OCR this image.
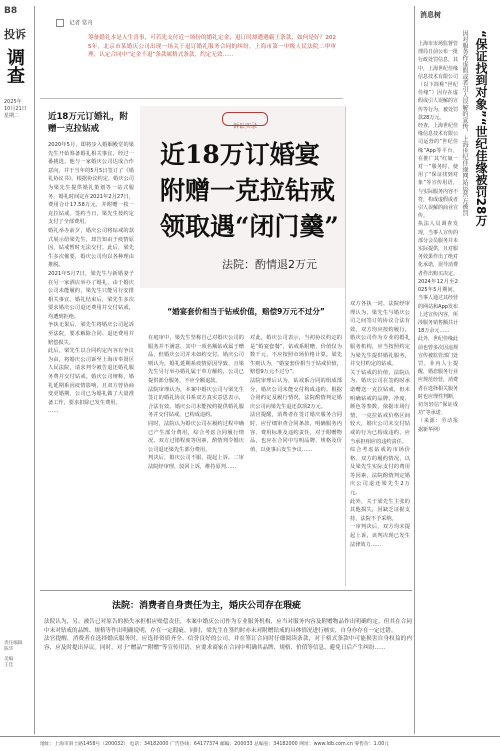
B8
投诉
调查
2025年
10月21日
星期二
记者 常舟
筹备婚礼本是人生喜事，可若先支付近一场份的婚礼定金，退订时却遭遇霸王条款，如何是好？2025年，北京市某婚庆公司出现一场关于退订婚礼服务合同的纠纷，上海市第一中级人民法院二审审理，认定合同中“定金不退”条款属格式条款，约定无效……
近18万元订婚礼，附赠一克拉钻戒
2020年5月，即将步入婚姻殿堂的梁先生开始筹备婚礼相关事宜。经过一番挑选，他与一家婚庆公司达成合作意向，并于当年的5月5日签订了《婚礼协议书》。根据协议约定，婚庆公司为梁先生提供婚礼策划等一站式服务，婚礼时间定在2021年2月27日，费用合计17.58万元，并附赠一枚一克拉钻戒。签约当日，梁先生按约定支付了全部费用。
婚礼举办前夕，婚庆公司将钻戒的款式展示给梁先生，却告知由于疫情原因，钻戒暂时无法交付。此后，梁先生多次催要，婚庆公司均以各种理由推脱。
2021年5月7日，梁先生与新婚妻子在另一家酒店举办了婚礼，由于婚庆公司未能履约，梁先生只能另行安排相关事宜。婚礼结束后，梁先生多次要求婚庆公司退还费用并交付钻戒，均遭到拒绝。
争执无果后，梁先生将婚庆公司起诉至法院，要求解除合同、退还费用并赔偿损失。
此后，梁先生以合同约定内容有争议为由，将婚庆公司诉至上海市奉贤区人民法院，请求判令被告退还婚礼服务费并交付钻戒。婚庆公司辩称，婚礼延期系因疫情影响，且双方曾协商变更婚期，公司已为婚礼做了大量准备工作，要求扣除已发生费用。
……
诉讼实录
近18万订婚宴
附赠一克拉钻戒
领取遇“闭门羹”
法院：酌情退2万元
“婚宴套价相当于钻戒价值，赔偿9万元不过分”
在庭审中，梁先生坚称自己对婚庆公司的服务并不满意，其中一项名额钻戒属于赠品，但婚庆公司并未如约交付。婚庆公司则认为，婚礼延期系疫情原因导致，且梁先生另行举办婚礼属于单方解约，公司已提供部分服务，不应全额退款。
法院审理认为，本案中婚庆公司与梁先生签订的婚礼协议书系双方真实意思表示，合法有效。婚庆公司未能按约提供婚礼服务并交付钻戒，已构成违约。
同时，法院认为婚庆公司在履约过程中确已产生部分费用，综合考虑合同履行情况、双方过错程度等因素，酌情判令婚庆公司退还梁先生部分费用。
判决后，婚庆公司不服，提起上诉。二审法院经审理，驳回上诉，维持原判……
对此，婚庆公司表示，当初协议约定的是“婚宴套餐”，钻戒系附赠，价值仅为数千元，不应按照市场价格计算。梁先生则认为，“婚宴套价相当于钻戒价值，赔偿9万元不过分”。
法院审理后认为，钻戒系合同的组成部分，婚庆公司未能交付构成违约。根据合同约定及履行情况，法院酌情判定婚庆公司向梁先生退还款项2万元。
法官提醒，消费者在签订婚庆服务合同时，应仔细审查合同条款，明确服务内容、费用标准及违约责任，对于附赠物品，也应在合同中写明品牌、规格及价值，以免事后发生争议……
双方各执一词。法院经审理认为，梁先生与婚庆公司之间签订的协议合法有效，双方均应按约履行。婚庆公司作为专业的婚礼服务机构，应当按照约定为梁先生提供婚礼服务，并交付约定的钻戒。
关于钻戒的价值，法院认为，婚庆公司在签约时承诺赠送一克拉钻戒，但未明确钻戒的品牌、净度、颜色等参数，依据市场行情，一克拉钻戒价格区间较大，婚庆公司未交付钻戒的行为已构成违约，应当承担相应的违约责任。
综合考虑钻戒的市场价格、双方的履约情况，以及梁先生实际支付的费用等因素，法院酌情判定婚庆公司退还梁先生2万元。
此外，关于梁先生主张的其他损失，因缺乏证据支持，法院不予采纳。
一审判决后，双方均未提起上诉，该判决现已发生法律效力……
法院：消费者自身责任为主，婚庆公司存在瑕疵
法院认为，另，被告已对原告的损失承担相应赔偿责任，本案中婚庆公司作为专业服务机构，应当对服务内容及附赠物品作出明确约定，但其在合同中未对钻戒的品牌、规格等作出明确说明，存在一定瑕疵。同时，梁先生在签约时亦未对附赠钻戒的具体情况进行核实，自身亦存在一定过错。
法官提醒，消费者在选择婚庆服务时，应选择资质齐全、信誉良好的公司，并在签订合同时仔细阅读条款，对于格式条款中可能损害自身权益的内容，应及时提出异议。同时，对于“赠品”“附赠”等宣传用语，应要求商家在合同中明确其品牌、规格、价值等信息，避免日后产生纠纷……
消息树
“保证找到对象”“世纪佳缘被罚28万
因对服务作虚假或者引人误解的宣传，上海世纪佳缘网站运营方被罚
上海市市场监督管理局日前公布一批行政处罚信息，其中，上海世纪佳缘信息技术有限公司（以下简称“世纪佳缘”）因存在虚假或引人误解的宣传等行为，被处罚款28万元。
经查，上海世纪佳缘信息技术有限公司运营的“世纪佳缘”App等平台，在推广其“红娘一对一”服务时，使用了“保证找到对象”等宣传用语，与实际服务内容不符，构成虚假或者引人误解的商业宣传。
执法人员调查发现，当事人宣传的部分会员服务并未实际提供，且对服务效果作出了绝对化承诺，误导消费者作出购买决定。
2024年12月至2025年5月期间，当事人通过其经营的网站和App发布上述宣传内容，所涉服务销售额共计18万余元……
此外，世纪佳缘此前也曾多次因违规宣传被监管部门处罚。业内人士提醒，婚恋服务行业应规范经营，消费者在选择相关服务时也应理性判断，切勿轻信“保证成功”等承诺。
（来源：劳动报 据新华网）
责任编辑
陈华
美编
王佳
地址：上海市斜土路1458号（200032） 电话：34182000 广告热线：64177374 邮编：200033 总编室：34182000 网址：www.ldb.com.cn 零售价：1.00元
